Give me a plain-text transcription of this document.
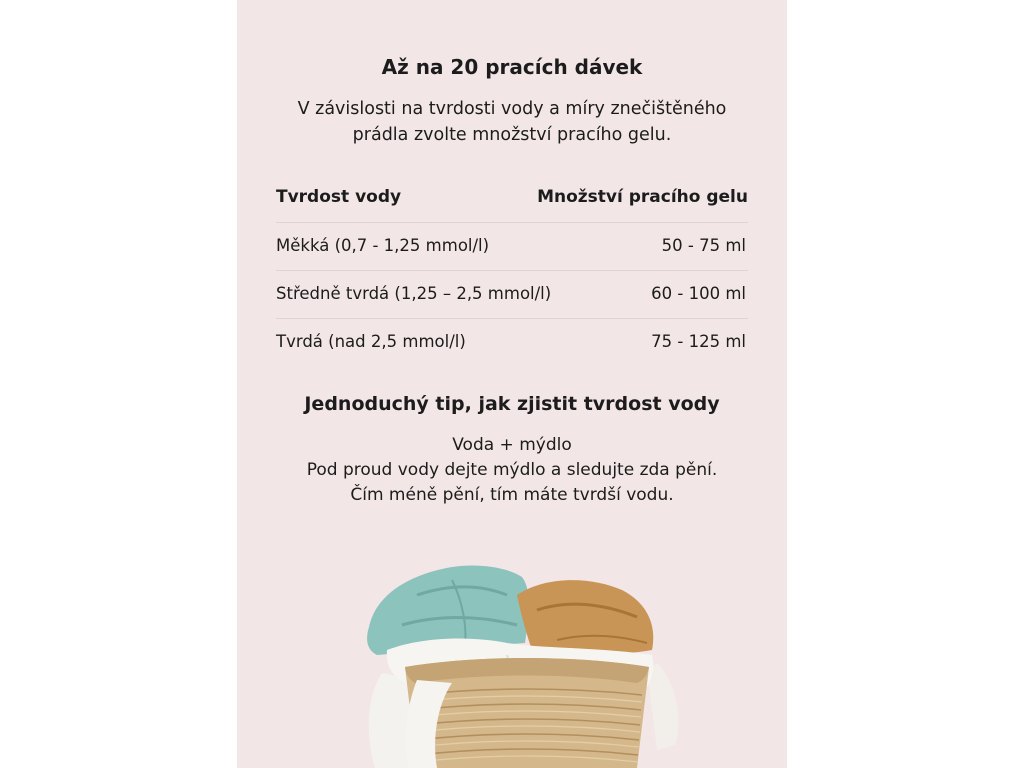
Až na 20 pracích dávek
V závislosti na tvrdosti vody a míry znečištěného
prádla zvolte množství pracího gelu.
Tvrdost vody	Množství pracího gelu
Měkká (0,7 - 1,25 mmol/l)	50 - 75 ml
Středně tvrdá (1,25 – 2,5 mmol/l)	60 - 100 ml
Tvrdá (nad 2,5 mmol/l)	75 - 125 ml
Jednoduchý tip, jak zjistit tvrdost vody
Voda + mýdlo
Pod proud vody dejte mýdlo a sledujte zda pění.
Čím méně pění, tím máte tvrdší vodu.
